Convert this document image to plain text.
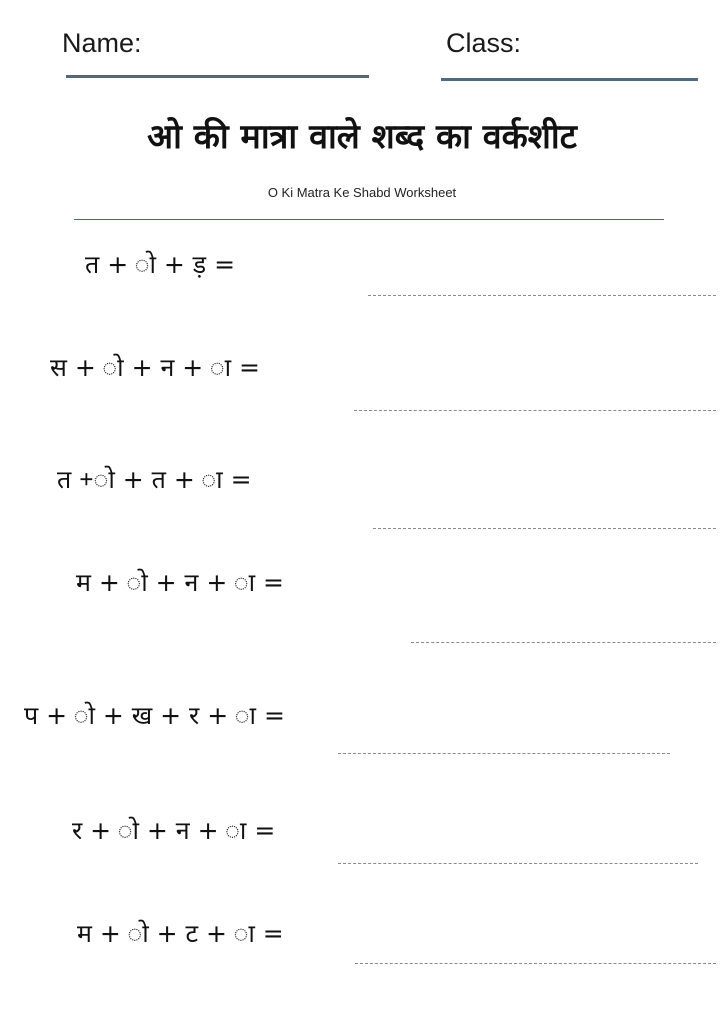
Name:	Class:
ओ की मात्रा वाले शब्द का वर्कशीट
O Ki Matra Ke Shabd Worksheet
त + ो + ड़ =
स + ो + न + ा =
त +ो + त + ा =
म + ो + न + ा =
प + ो + ख + र + ा =
र + ो + न + ा =
म + ो + ट + ा =
